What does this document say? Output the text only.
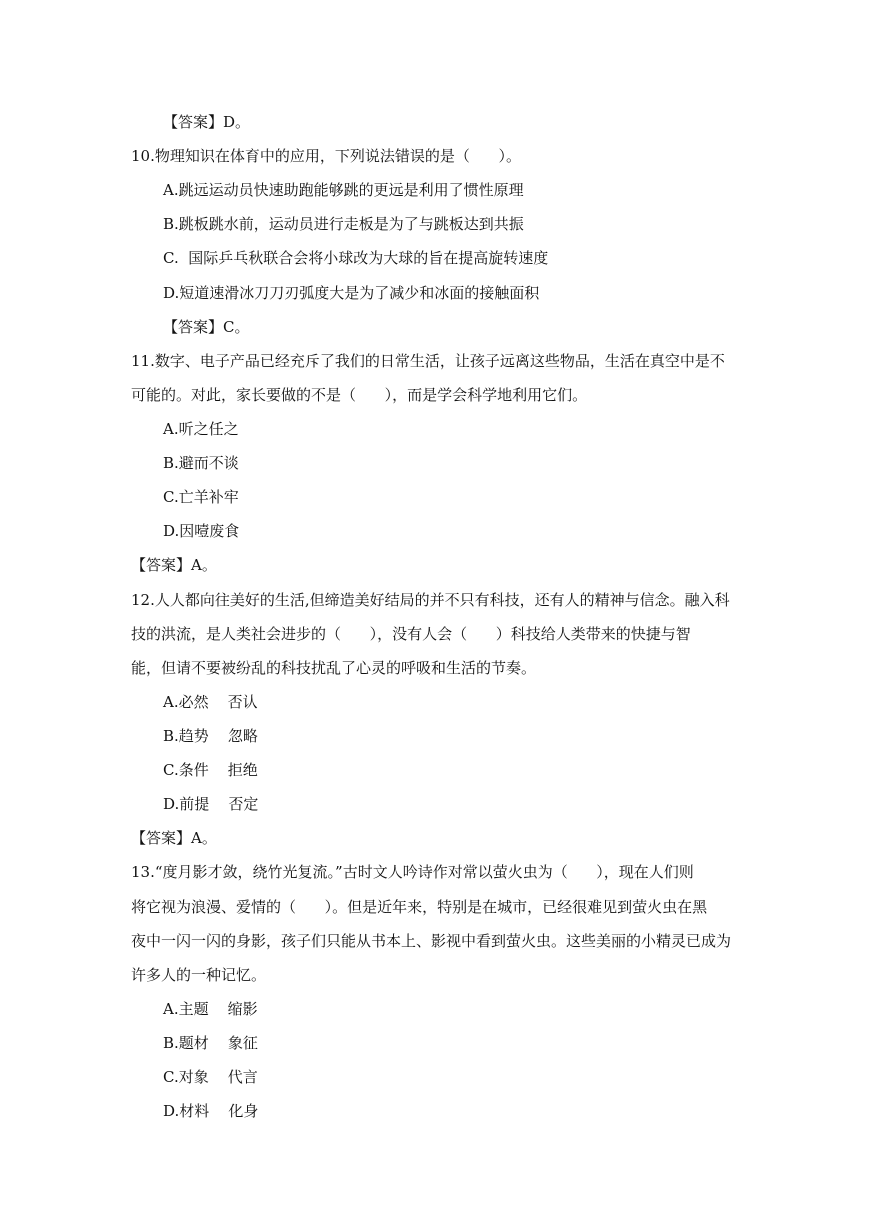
【答案】D。
10.物理知识在体育中的应用，下列说法错误的是（      ）。
A.跳远运动员快速助跑能够跳的更远是利用了惯性原理
B.跳板跳水前，运动员进行走板是为了与跳板达到共振
C.  国际乒乓秋联合会将小球改为大球的旨在提高旋转速度
D.短道速滑冰刀刀刃弧度大是为了减少和冰面的接触面积
【答案】C。
11.数字、电子产品已经充斥了我们的日常生活，让孩子远离这些物品，生活在真空中是不
可能的。对此，家长要做的不是（      ），而是学会科学地利用它们。
A.听之任之
B.避而不谈
C.亡羊补牢
D.因噎废食
【答案】A。
12.人人都向往美好的生活,但缔造美好结局的并不只有科技，还有人的精神与信念。融入科
技的洪流，是人类社会进步的（      ），没有人会（      ）科技给人类带来的快捷与智
能，但请不要被纷乱的科技扰乱了心灵的呼吸和生活的节奏。
A.必然    否认
B.趋势    忽略
C.条件    拒绝
D.前提    否定
【答案】A。
13.“度月影才敛，绕竹光复流。”古时文人吟诗作对常以萤火虫为（      ），现在人们则
将它视为浪漫、爱情的（      ）。但是近年来，特别是在城市，已经很难见到萤火虫在黑
夜中一闪一闪的身影，孩子们只能从书本上、影视中看到萤火虫。这些美丽的小精灵已成为
许多人的一种记忆。
A.主题    缩影
B.题材    象征
C.对象    代言
D.材料    化身
